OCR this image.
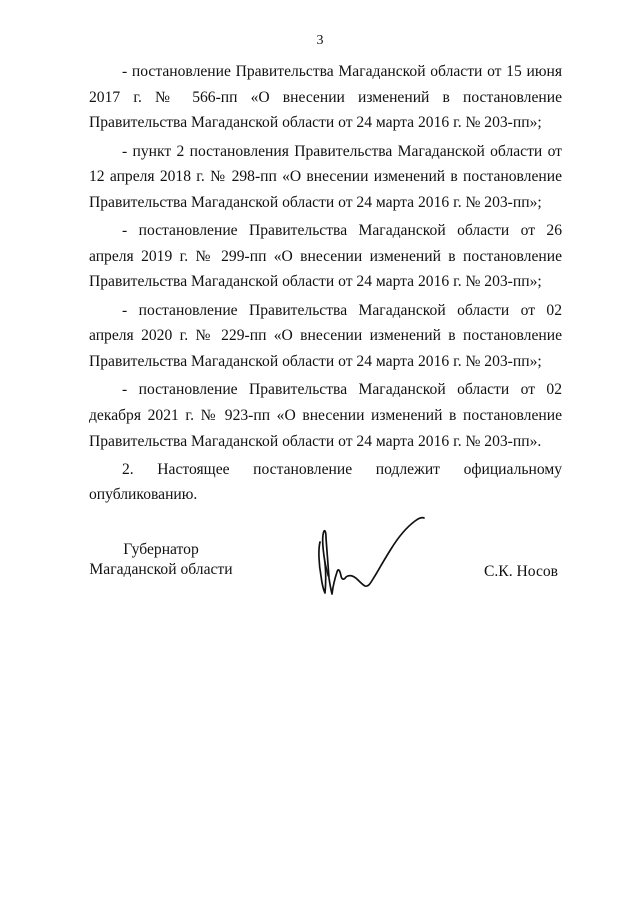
3

- постановление Правительства Магаданской области от 15 июня 2017 г. № 566-пп «О внесении изменений в постановление Правительства Магаданской области от 24 марта 2016 г. № 203-пп»;

- пункт 2 постановления Правительства Магаданской области от 12 апреля 2018 г. № 298-пп «О внесении изменений в постановление Правительства Магаданской области от 24 марта 2016 г. № 203-пп»;

- постановление Правительства Магаданской области от 26 апреля 2019 г. № 299-пп «О внесении изменений в постановление Правительства Магаданской области от 24 марта 2016 г. № 203-пп»;

- постановление Правительства Магаданской области от 02 апреля 2020 г. № 229-пп «О внесении изменений в постановление Правительства Магаданской области от 24 марта 2016 г. № 203-пп»;

- постановление Правительства Магаданской области от 02 декабря 2021 г. № 923-пп «О внесении изменений в постановление Правительства Магаданской области от 24 марта 2016 г. № 203-пп».

2. Настоящее постановление подлежит официальному

опубликованию.

Губернатор
Магаданской области	С.К. Носов
